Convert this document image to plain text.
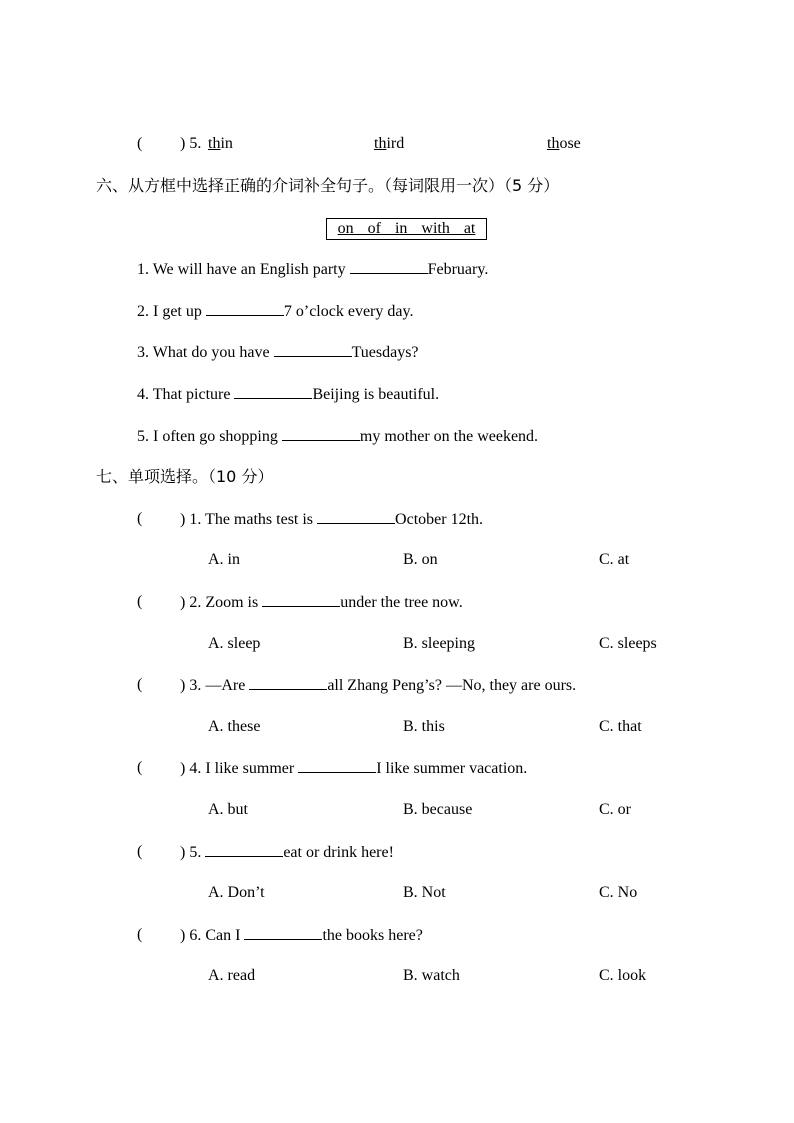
( ) 5. thin	third	those
六、从方框中选择正确的介词补全句子。（每词限用一次）（5 分）
on of in with at
1. We will have an English party	February.
2. I get up	7 o’clock every day.
3. What do you have	Tuesdays?
4. That picture	Beijing is beautiful.
5. I often go shopping	my mother on the weekend.
七、单项选择。（10 分）
( ) 1. The maths test is	October 12th.
A. in	B. on	C. at
( ) 2. Zoom is	under the tree now.
A. sleep	B. sleeping	C. sleeps
( ) 3. —Are	all Zhang Peng’s? —No, they are ours.
A. these	B. this	C. that
( ) 4. I like summer	I like summer vacation.
A. but	B. because	C. or
( ) 5.	eat or drink here!
A. Don’t	B. Not	C. No
( ) 6. Can I	the books here?
A. read	B. watch	C. look
